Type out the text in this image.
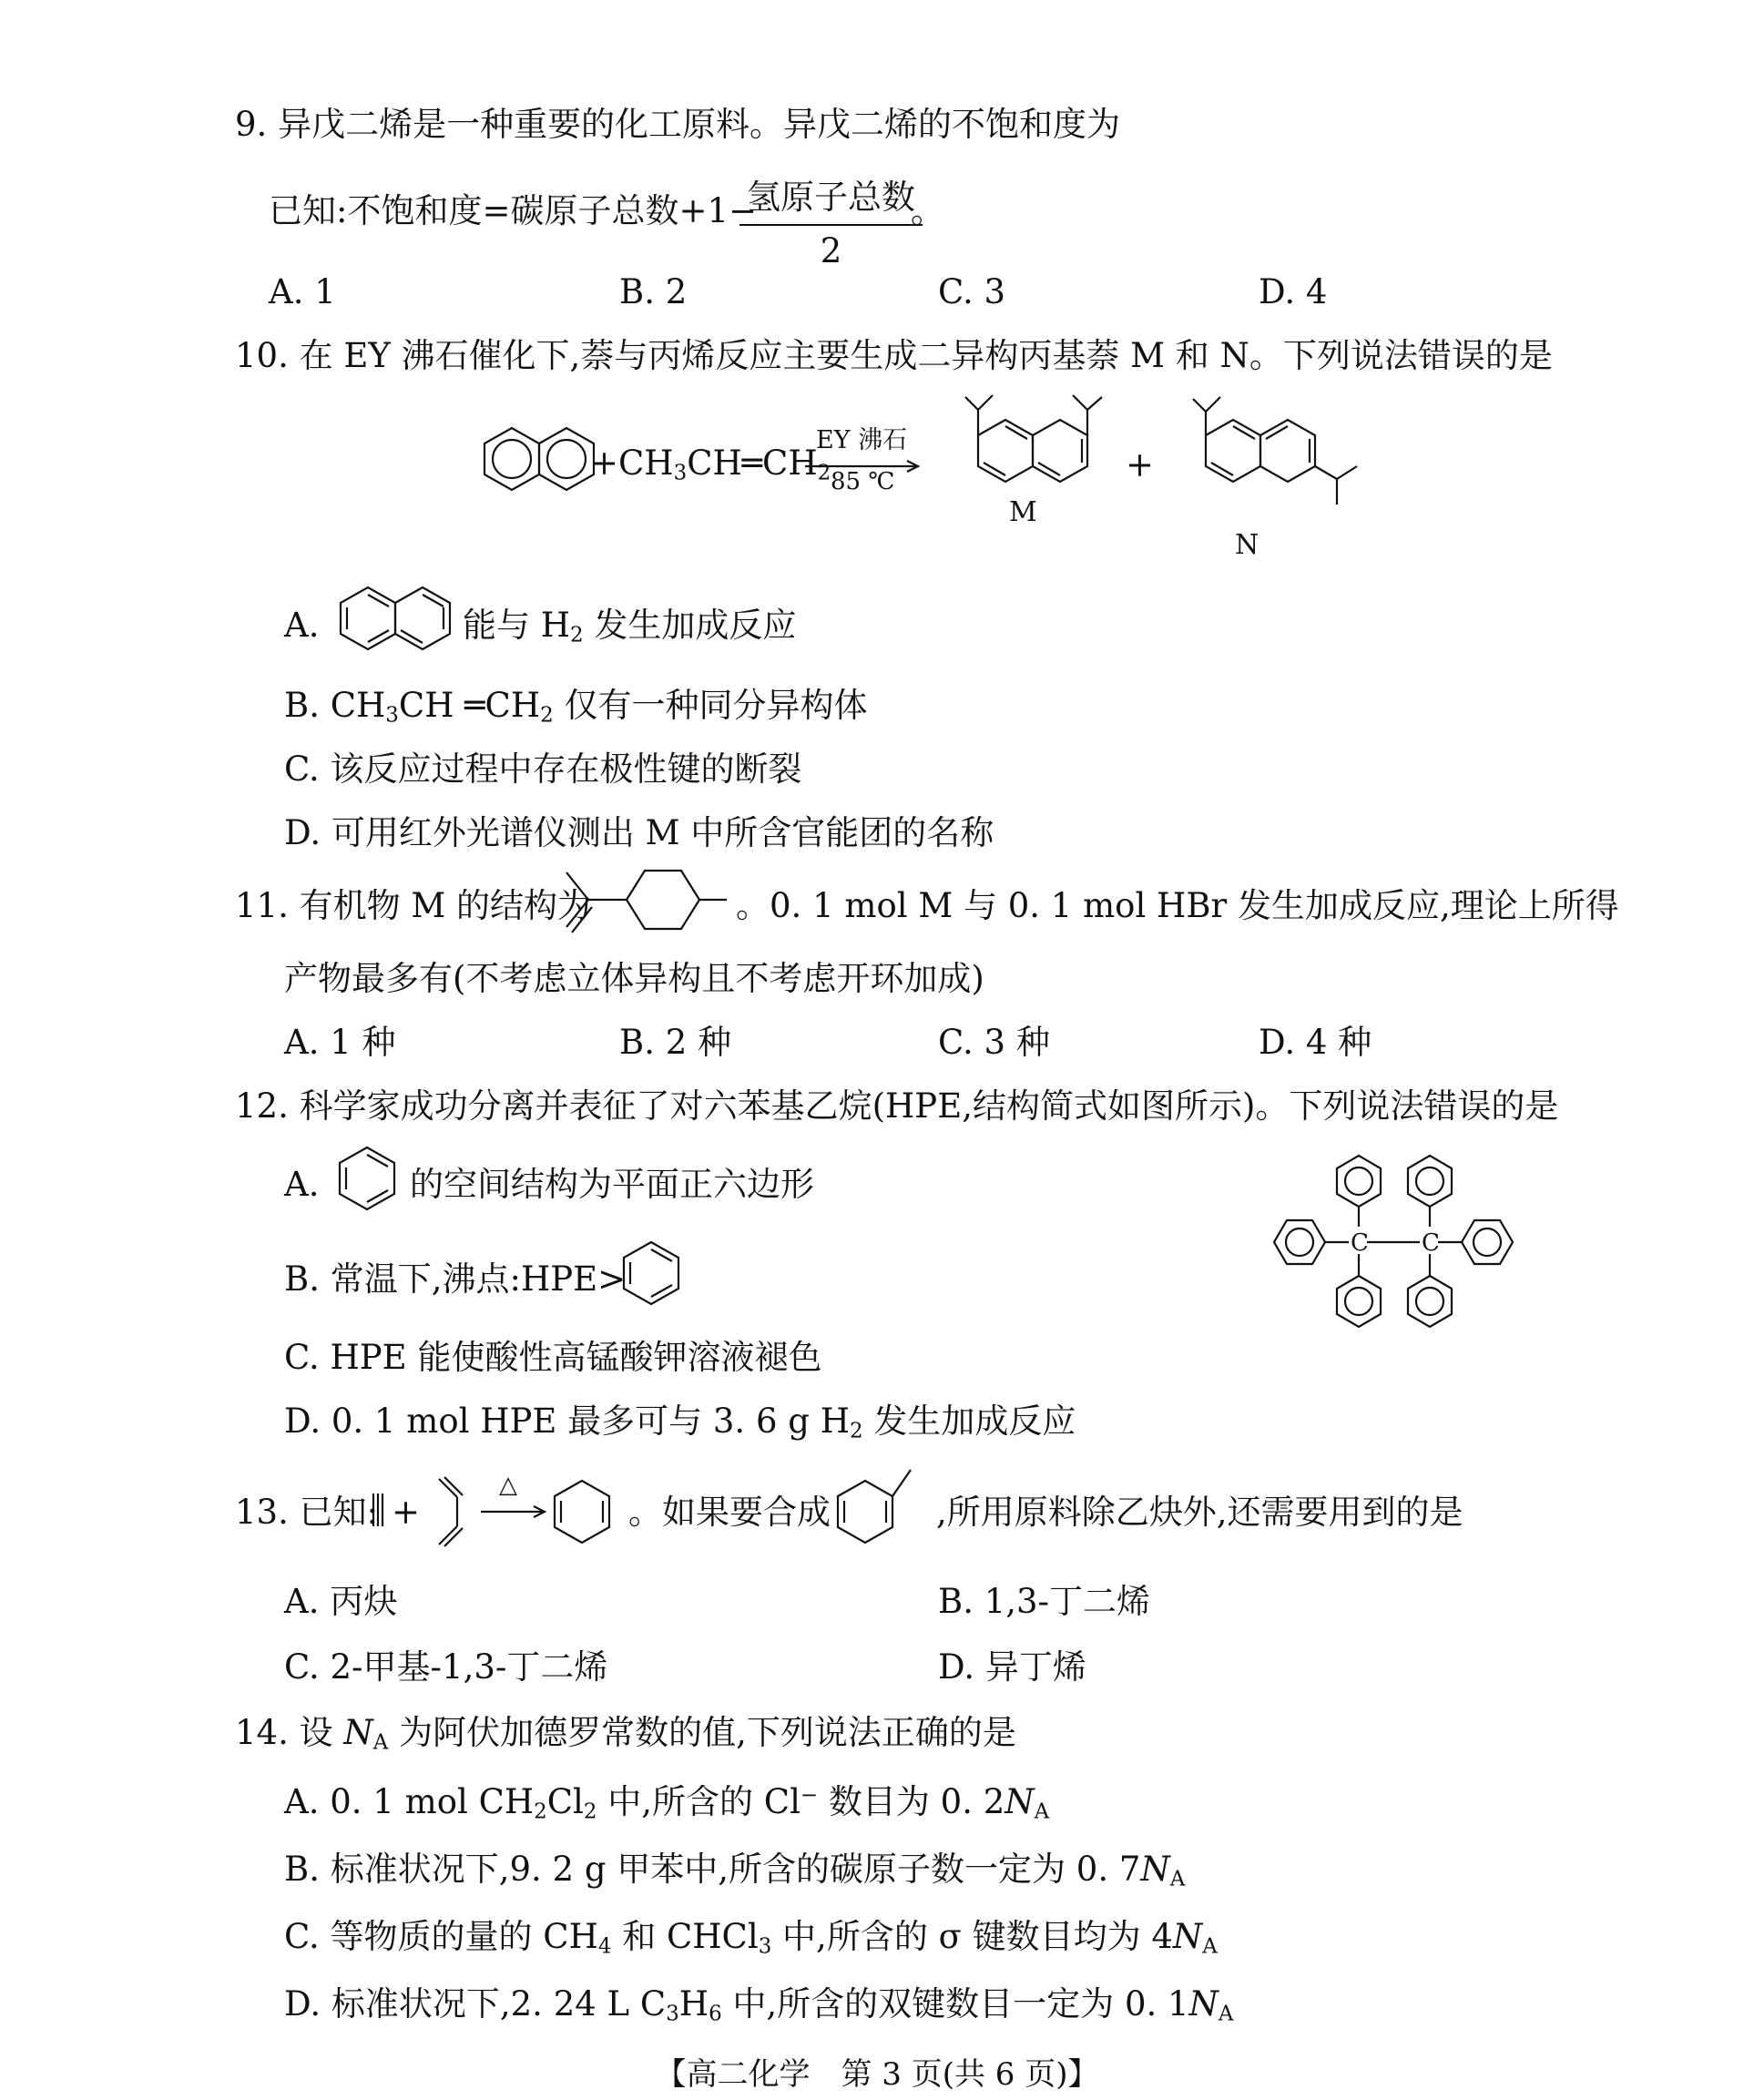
9. 异戊二烯是一种重要的化工原料。异戊二烯的不饱和度为
已知:不饱和度=碳原子总数+1−
氢原子总数
2
。
A. 1	B. 2	C. 3	D. 4
10. 在 EY 沸石催化下,萘与丙烯反应主要生成二异构丙基萘 M 和 N。下列说法错误的是
$+CH_3CH═CH_2$
EY 沸石
85 ℃
M
+
N
A.	能与 $H_2$ 发生加成反应
B. $CH_3CH$ $═CH_2$ 仅有一种同分异构体
C. 该反应过程中存在极性键的断裂
D. 可用红外光谱仪测出 M 中所含官能团的名称
11. 有机物 M 的结构为	。0. 1 mol M 与 0. 1 mol HBr 发生加成反应,理论上所得
产物最多有(不考虑立体异构且不考虑开环加成)
A. 1 种	B. 2 种	C. 3 种	D. 4 种
12. 科学家成功分离并表征了对六苯基乙烷(HPE,结构简式如图所示)。下列说法错误的是
A.	的空间结构为平面正六边形
B. 常温下,沸点:HPE>
C. HPE 能使酸性高锰酸钾溶液褪色
D. 0. 1 mol HPE 最多可与 3. 6 g $H_2$ 发生加成反应
C C
13. 已知: +
△
。如果要合成	,所用原料除乙炔外,还需要用到的是
A. 丙炔	B. 1,3-丁二烯
C. 2-甲基-1,3-丁二烯	D. 异丁烯
14. 设 $N_A$ 为阿伏加德罗常数的值,下列说法正确的是
A. 0. 1 mol $CH_2Cl_2$ 中,所含的 Cl− 数目为 0. $2N_A$
B. 标准状况下,9. 2 g 甲苯中,所含的碳原子数一定为 0. $7N_A$
C. 等物质的量的 $CH_4$ 和 CHCl$_3$ 中,所含的 σ 键数目均为 $4N_A$
D. 标准状况下,2. 24 L $C_3H_6$ 中,所含的双键数目一定为 0. $1N_A$
【高二化学　第 3 页(共 6 页)】
